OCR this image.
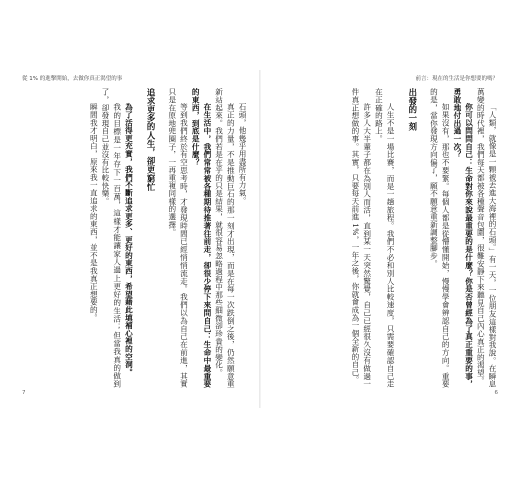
從 1% 的進擊開始，去做你真正渴望的事

石頭，他幾乎用盡所有力氣。

真正的力量，不是推動巨石的那一刻才出現，而是在每一次跌倒之後，仍然願意重新站起來。我們若是在乎的只是結果，就很容易忽略過程中那些細微卻珍貴的變化。

在生活中，我們常常被各種期待推著往前走，卻很少停下來問自己：生命中最重要的東西，到底是什麼？

等到我們終於有空思考時，才發現時間已經悄悄流走。我們以為自己在前進，其實只是在原地兜圈子，一再重複同樣的選擇。

追求更多的人生，卻更窮忙

為了活得更充實，我們不斷追求更多、更好的東西，希望藉此填補心裡的空洞。

我的目標是一年存下一百萬，這樣才能讓家人過上更好的生活；但當我真的做到了，卻發現自己並沒有比較快樂。

瞬間我才明白，原來我一直追求的東西，並不是我真正想要的。

7
前言：現在的生活是你想要的嗎？

「人類，就像是一顆被丟進大海裡的石頭。」有一天，一位朋友這樣對我說。在瞬息萬變的時代裡，我們每天都被各種聲音包圍，很難安靜下來聽見自己內心真正的渴望。

你可以問問自己：生命對你來說最重要的是什麼？你是否曾經為了真正重要的事，勇敢地付出過一次？

如果沒有，那也不要緊。每個人都是從懵懂開始，慢慢學會辨認自己的方向。重要的是，當你發現方向偏了，願不願意重新調整腳步。

出發的一刻

人生不是一場比賽，而是一趟旅程。我們不必和別人比較速度，只需要確認自己走在正確的路上。

許多人大半輩子都在為別人而活，直到某一天突然驚覺，自己已經很久沒有做過一件真正想做的事。其實，只要每天前進 1%，一年之後，你就會成為一個全新的自己。

6
